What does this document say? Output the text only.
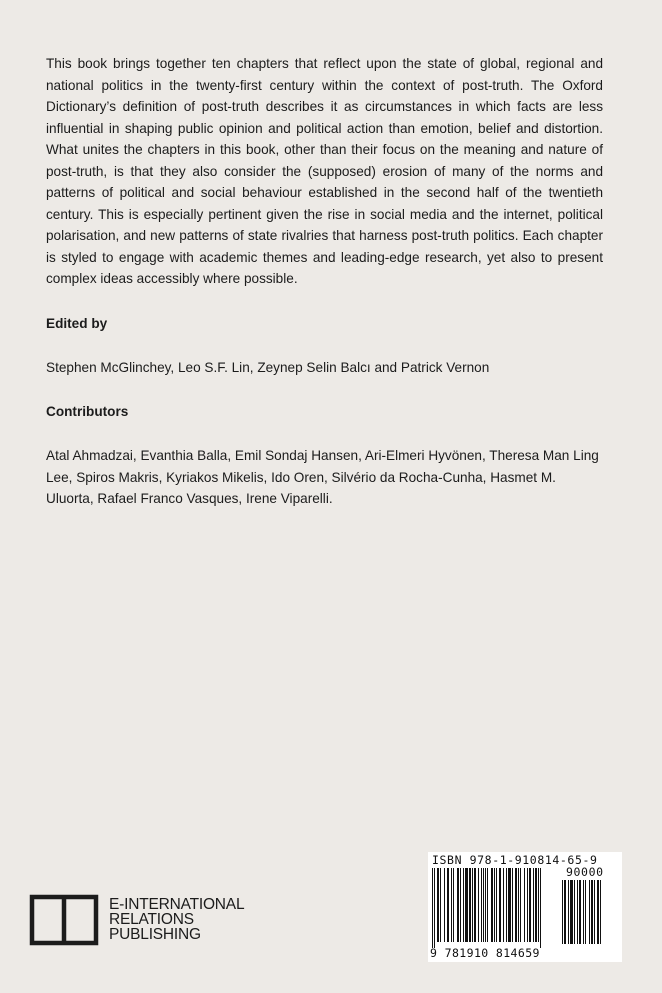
This book brings together ten chapters that reflect upon the state of global, regional and national politics in the twenty-first century within the context of post-truth. The Oxford Dictionary’s definition of post-truth describes it as circumstances in which facts are less influential in shaping public opinion and political action than emotion, belief and distortion. What unites the chapters in this book, other than their focus on the meaning and nature of post-truth, is that they also consider the (supposed) erosion of many of the norms and patterns of political and social behaviour established in the second half of the twentieth century. This is especially pertinent given the rise in social media and the internet, political polarisation, and new patterns of state rivalries that harness post-truth politics. Each chapter is styled to engage with academic themes and leading-edge research, yet also to present complex ideas accessibly where possible.

Edited by
Stephen McGlinchey, Leo S.F. Lin, Zeynep Selin Balcı and Patrick Vernon
Contributors
Atal Ahmadzai, Evanthia Balla, Emil Sondaj Hansen, Ari-Elmeri Hyvönen, Theresa Man Ling Lee, Spiros Makris, Kyriakos Mikelis, Ido Oren, Silvério da Rocha-Cunha, Hasmet M. Uluorta, Rafael Franco Vasques, Irene Viparelli.
E-INTERNATIONAL
RELATIONS
PUBLISHING
ISBN 978-1-910814-65-9
90000
9 781910 814659
